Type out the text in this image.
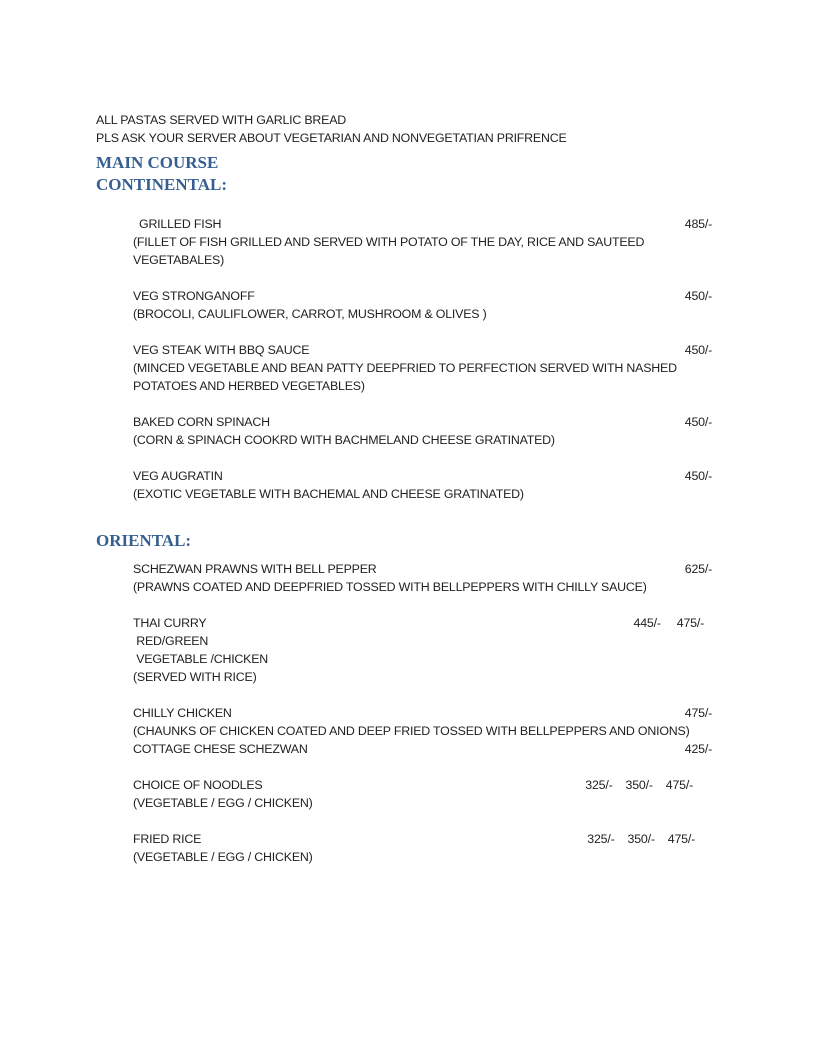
ALL PASTAS SERVED WITH GARLIC BREAD
PLS ASK YOUR SERVER ABOUT VEGETARIAN AND NONVEGETATIAN PRIFRENCE
MAIN COURSE
CONTINENTAL:
GRILLED FISH	485/-
(FILLET OF FISH GRILLED AND SERVED WITH POTATO OF THE DAY, RICE AND SAUTEED
VEGETABALES)
VEG STRONGANOFF	450/-
(BROCOLI, CAULIFLOWER, CARROT, MUSHROOM & OLIVES )
VEG STEAK WITH BBQ SAUCE	450/-
(MINCED VEGETABLE AND BEAN PATTY DEEPFRIED TO PERFECTION SERVED WITH NASHED
POTATOES AND HERBED VEGETABLES)
BAKED CORN SPINACH	450/-
(CORN & SPINACH COOKRD WITH BACHMELAND CHEESE GRATINATED)
VEG AUGRATIN	450/-
(EXOTIC VEGETABLE WITH BACHEMAL AND CHEESE GRATINATED)
ORIENTAL:
SCHEZWAN PRAWNS WITH BELL PEPPER	625/-
(PRAWNS COATED AND DEEPFRIED TOSSED WITH BELLPEPPERS WITH CHILLY SAUCE)
THAI CURRY	445/- 475/-
RED/GREEN
VEGETABLE /CHICKEN
(SERVED WITH RICE)
CHILLY CHICKEN	475/-
(CHAUNKS OF CHICKEN COATED AND DEEP FRIED TOSSED WITH BELLPEPPERS AND ONIONS)
COTTAGE CHESE SCHEZWAN	425/-
CHOICE OF NOODLES	325/- 350/- 475/-
(VEGETABLE / EGG / CHICKEN)
FRIED RICE	325/- 350/- 475/-
(VEGETABLE / EGG / CHICKEN)
